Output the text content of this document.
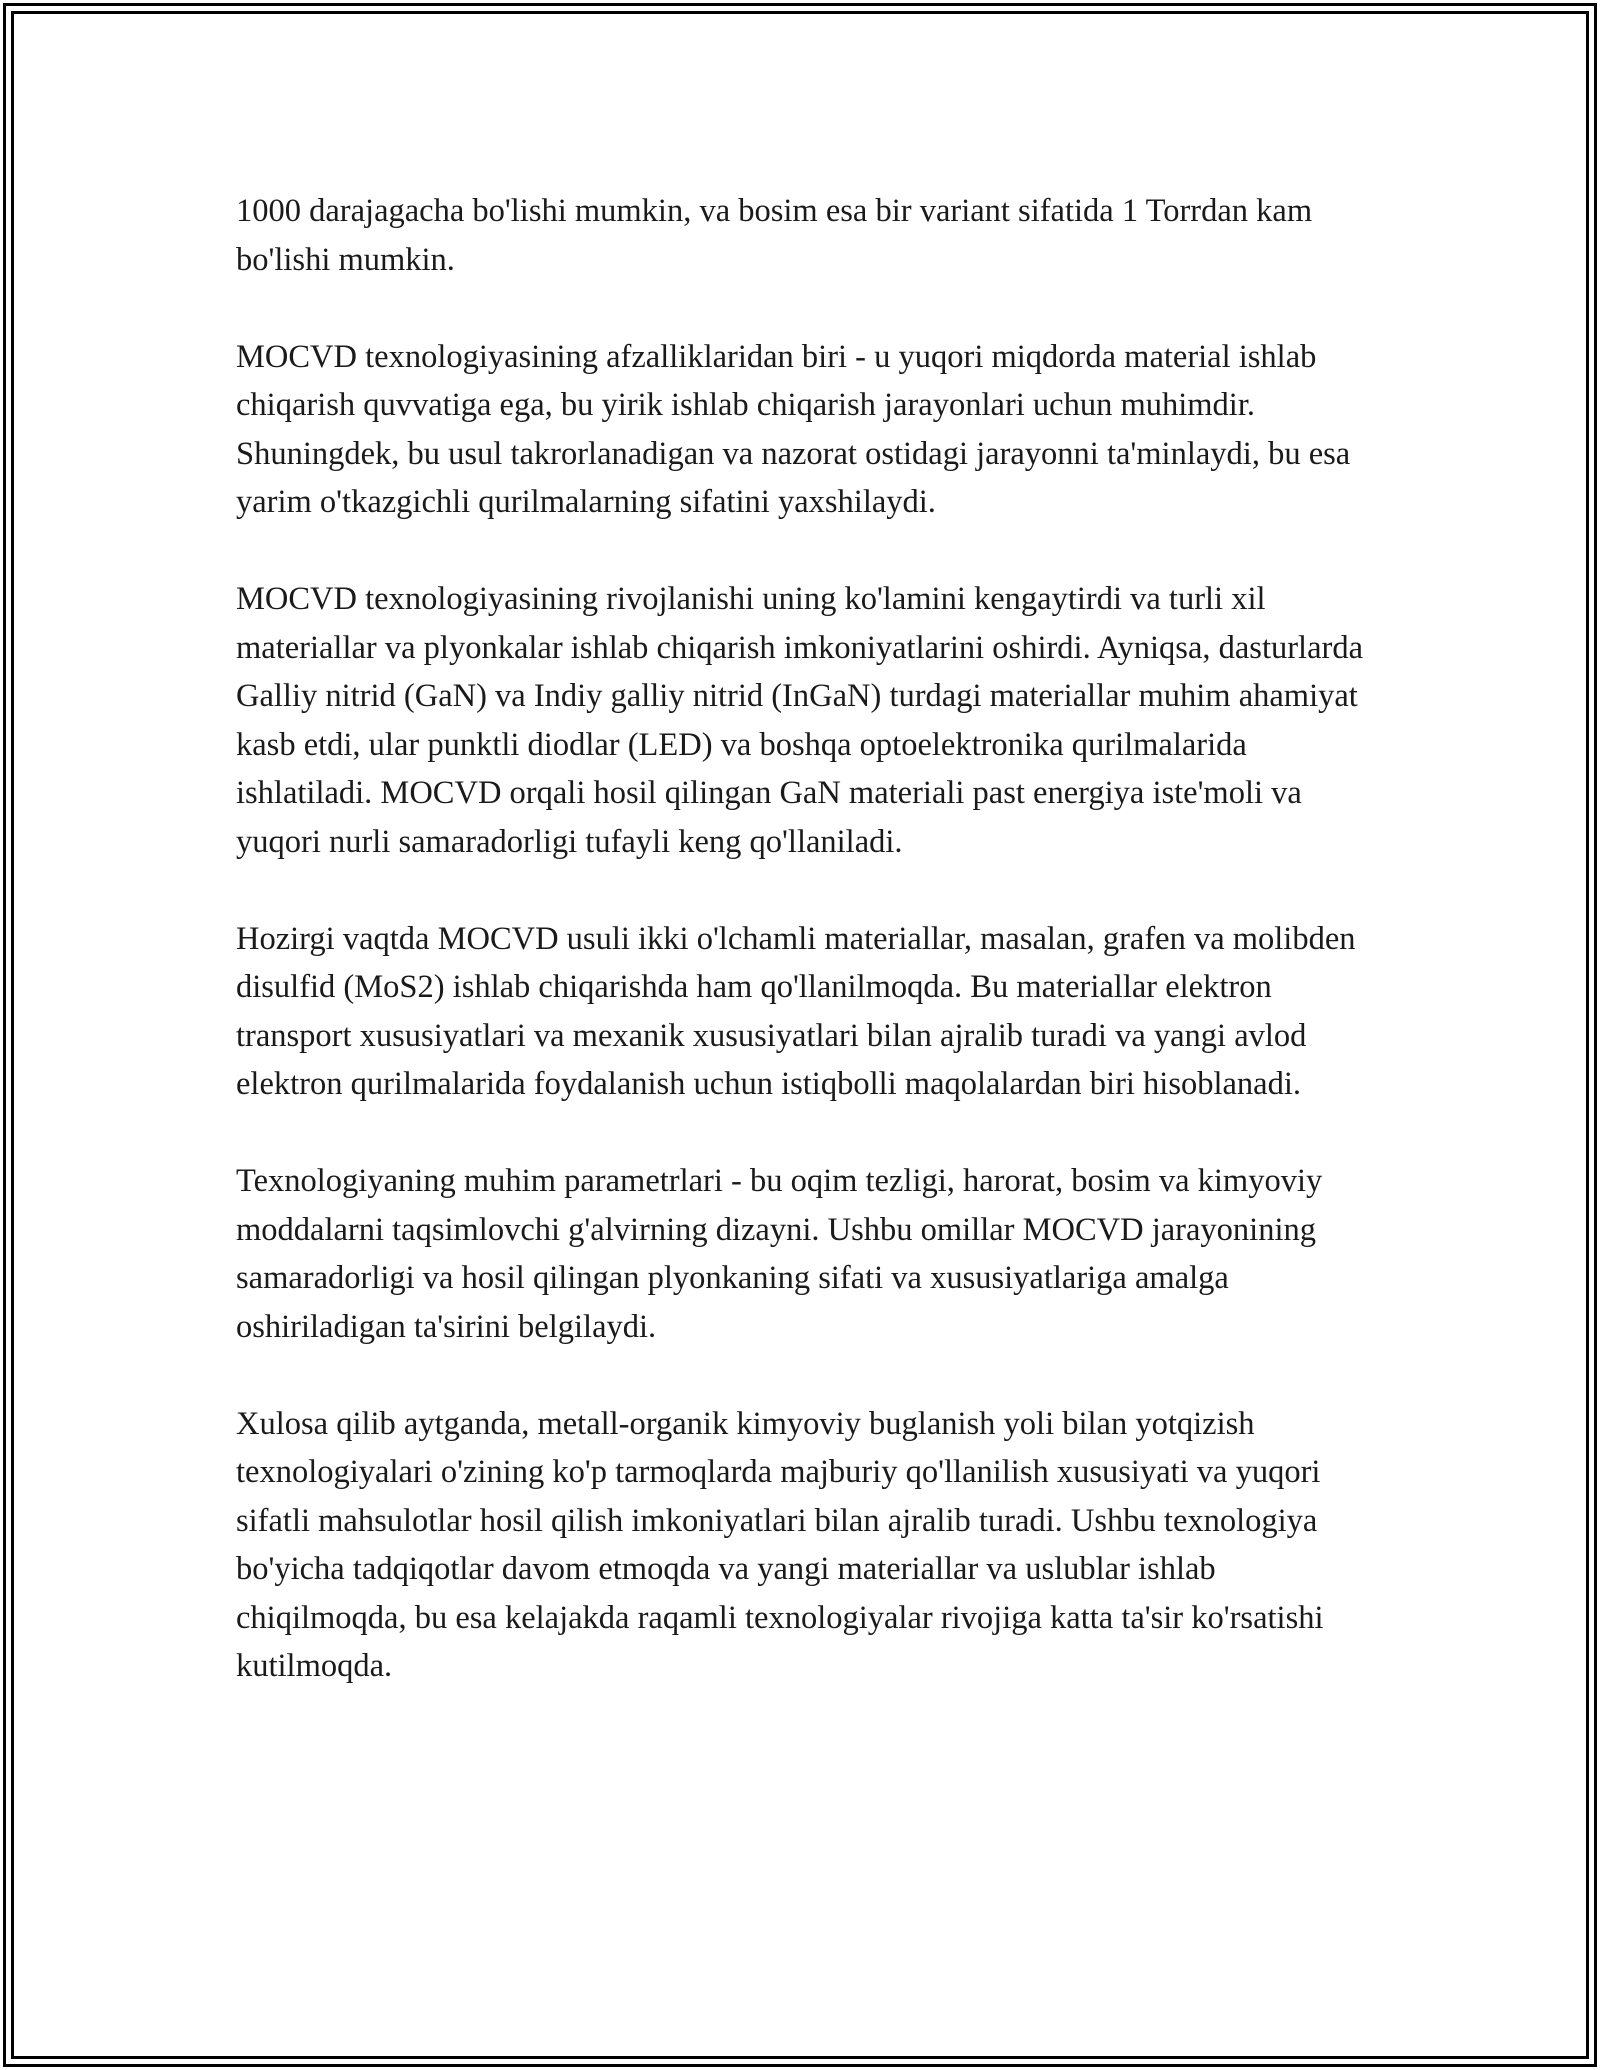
1000 darajagacha bo'lishi mumkin, va bosim esa bir variant sifatida 1 Torrdan kam bo'lishi mumkin.

MOCVD texnologiyasining afzalliklaridan biri - u yuqori miqdorda material ishlab chiqarish quvvatiga ega, bu yirik ishlab chiqarish jarayonlari uchun muhimdir. Shuningdek, bu usul takrorlanadigan va nazorat ostidagi jarayonni ta'minlaydi, bu esa yarim o'tkazgichli qurilmalarning sifatini yaxshilaydi.

MOCVD texnologiyasining rivojlanishi uning ko'lamini kengaytirdi va turli xil materiallar va plyonkalar ishlab chiqarish imkoniyatlarini oshirdi. Ayniqsa, dasturlarda Galliy nitrid (GaN) va Indiy galliy nitrid (InGaN) turdagi materiallar muhim ahamiyat kasb etdi, ular punktli diodlar (LED) va boshqa optoelektronika qurilmalarida ishlatiladi. MOCVD orqali hosil qilingan GaN materiali past energiya iste'moli va yuqori nurli samaradorligi tufayli keng qo'llaniladi.

Hozirgi vaqtda MOCVD usuli ikki o'lchamli materiallar, masalan, grafen va molibden disulfid (MoS2) ishlab chiqarishda ham qo'llanilmoqda. Bu materiallar elektron transport xususiyatlari va mexanik xususiyatlari bilan ajralib turadi va yangi avlod elektron qurilmalarida foydalanish uchun istiqbolli maqolalardan biri hisoblanadi.

Texnologiyaning muhim parametrlari - bu oqim tezligi, harorat, bosim va kimyoviy moddalarni taqsimlovchi g'alvirning dizayni. Ushbu omillar MOCVD jarayonining samaradorligi va hosil qilingan plyonkaning sifati va xususiyatlariga amalga oshiriladigan ta'sirini belgilaydi.

Xulosa qilib aytganda, metall-organik kimyoviy buglanish yoli bilan yotqizish texnologiyalari o'zining ko'p tarmoqlarda majburiy qo'llanilish xususiyati va yuqori sifatli mahsulotlar hosil qilish imkoniyatlari bilan ajralib turadi. Ushbu texnologiya bo'yicha tadqiqotlar davom etmoqda va yangi materiallar va uslublar ishlab chiqilmoqda, bu esa kelajakda raqamli texnologiyalar rivojiga katta ta'sir ko'rsatishi kutilmoqda.
